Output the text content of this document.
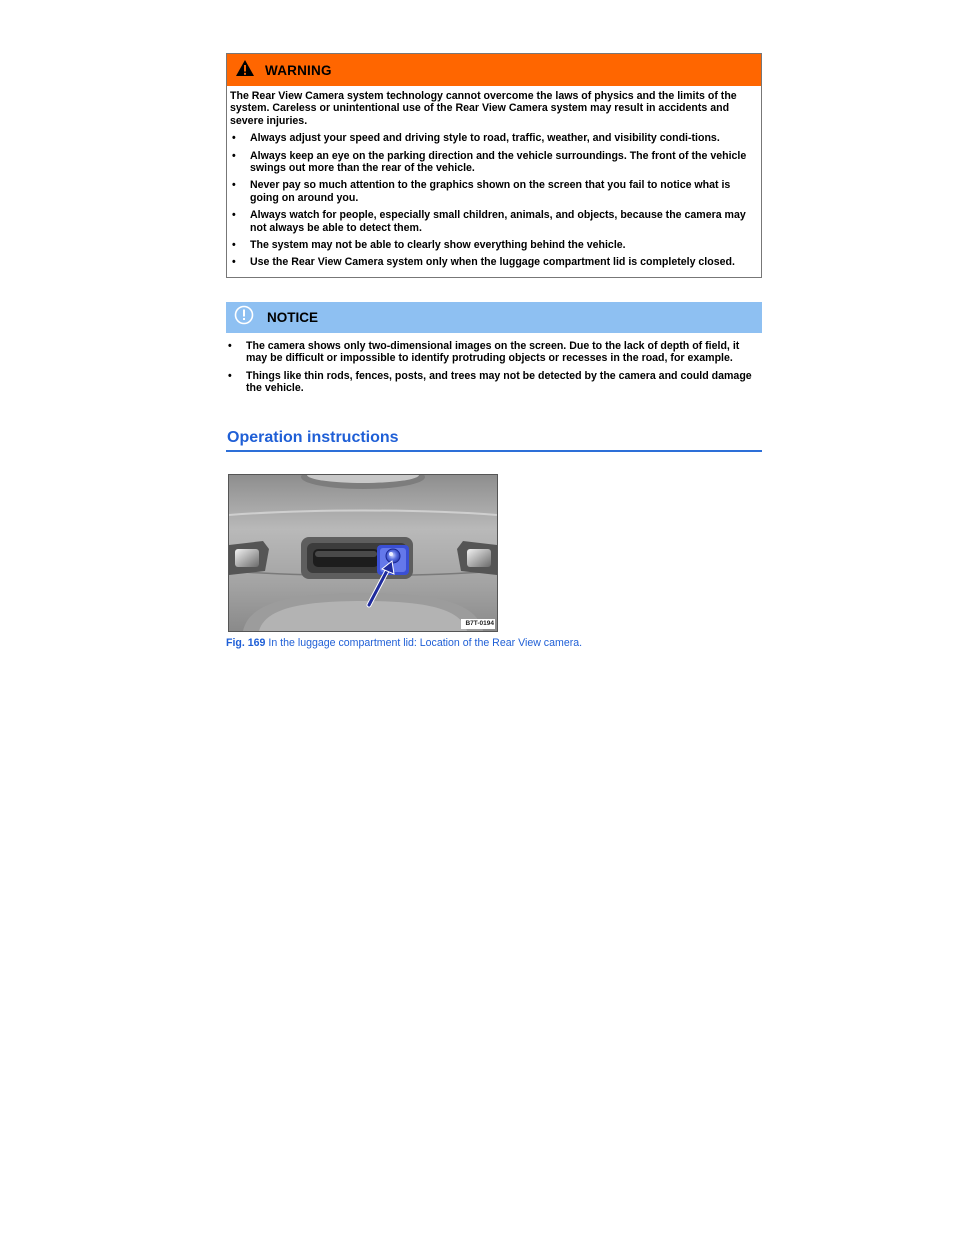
WARNING

The Rear View Camera system technology cannot overcome the laws of physics and the limits of the system. Careless or unintentional use of the Rear View Camera system may result in accidents and severe injuries.

•	Always adjust your speed and driving style to road, traffic, weather, and visibility condi-tions.
•	Always keep an eye on the parking direction and the vehicle surroundings. The front of the vehicle swings out more than the rear of the vehicle.
•	Never pay so much attention to the graphics shown on the screen that you fail to notice what is going on around you.
•	Always watch for people, especially small children, animals, and objects, because the camera may not always be able to detect them.
•	The system may not be able to clearly show everything behind the vehicle.
•	Use the Rear View Camera system only when the luggage compartment lid is completely closed.
NOTICE
•	The camera shows only two-dimensional images on the screen. Due to the lack of depth of field, it may be difficult or impossible to identify protruding objects or recesses in the road, for example.
•	Things like thin rods, fences, posts, and trees may not be detected by the camera and could damage the vehicle.
Operation instructions
B7T-0194
Fig. 169 In the luggage compartment lid: Location of the Rear View camera.
